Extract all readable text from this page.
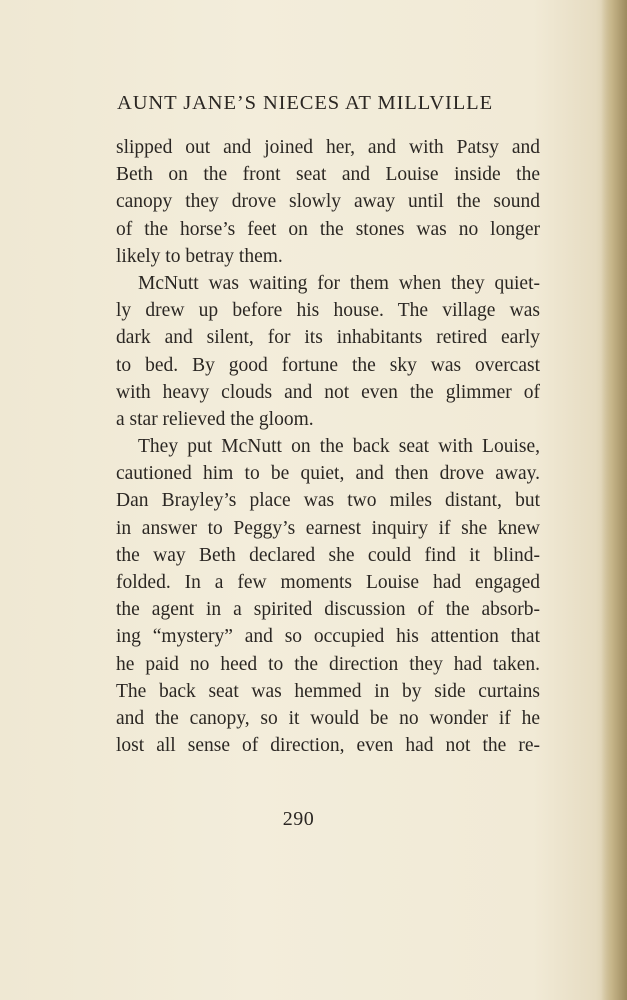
AUNT JANE’S NIECES AT MILLVILLE
slipped out and joined her, and with Patsy and
Beth on the front seat and Louise inside the
canopy they drove slowly away until the sound
of the horse’s feet on the stones was no longer
likely to betray them.
McNutt was waiting for them when they quiet-
ly drew up before his house. The village was
dark and silent, for its inhabitants retired early
to bed. By good fortune the sky was overcast
with heavy clouds and not even the glimmer of
a star relieved the gloom.
They put McNutt on the back seat with Louise,
cautioned him to be quiet, and then drove away.
Dan Brayley’s place was two miles distant, but
in answer to Peggy’s earnest inquiry if she knew
the way Beth declared she could find it blind-
folded. In a few moments Louise had engaged
the agent in a spirited discussion of the absorb-
ing “mystery” and so occupied his attention that
he paid no heed to the direction they had taken.
The back seat was hemmed in by side curtains
and the canopy, so it would be no wonder if he
lost all sense of direction, even had not the re-
290
